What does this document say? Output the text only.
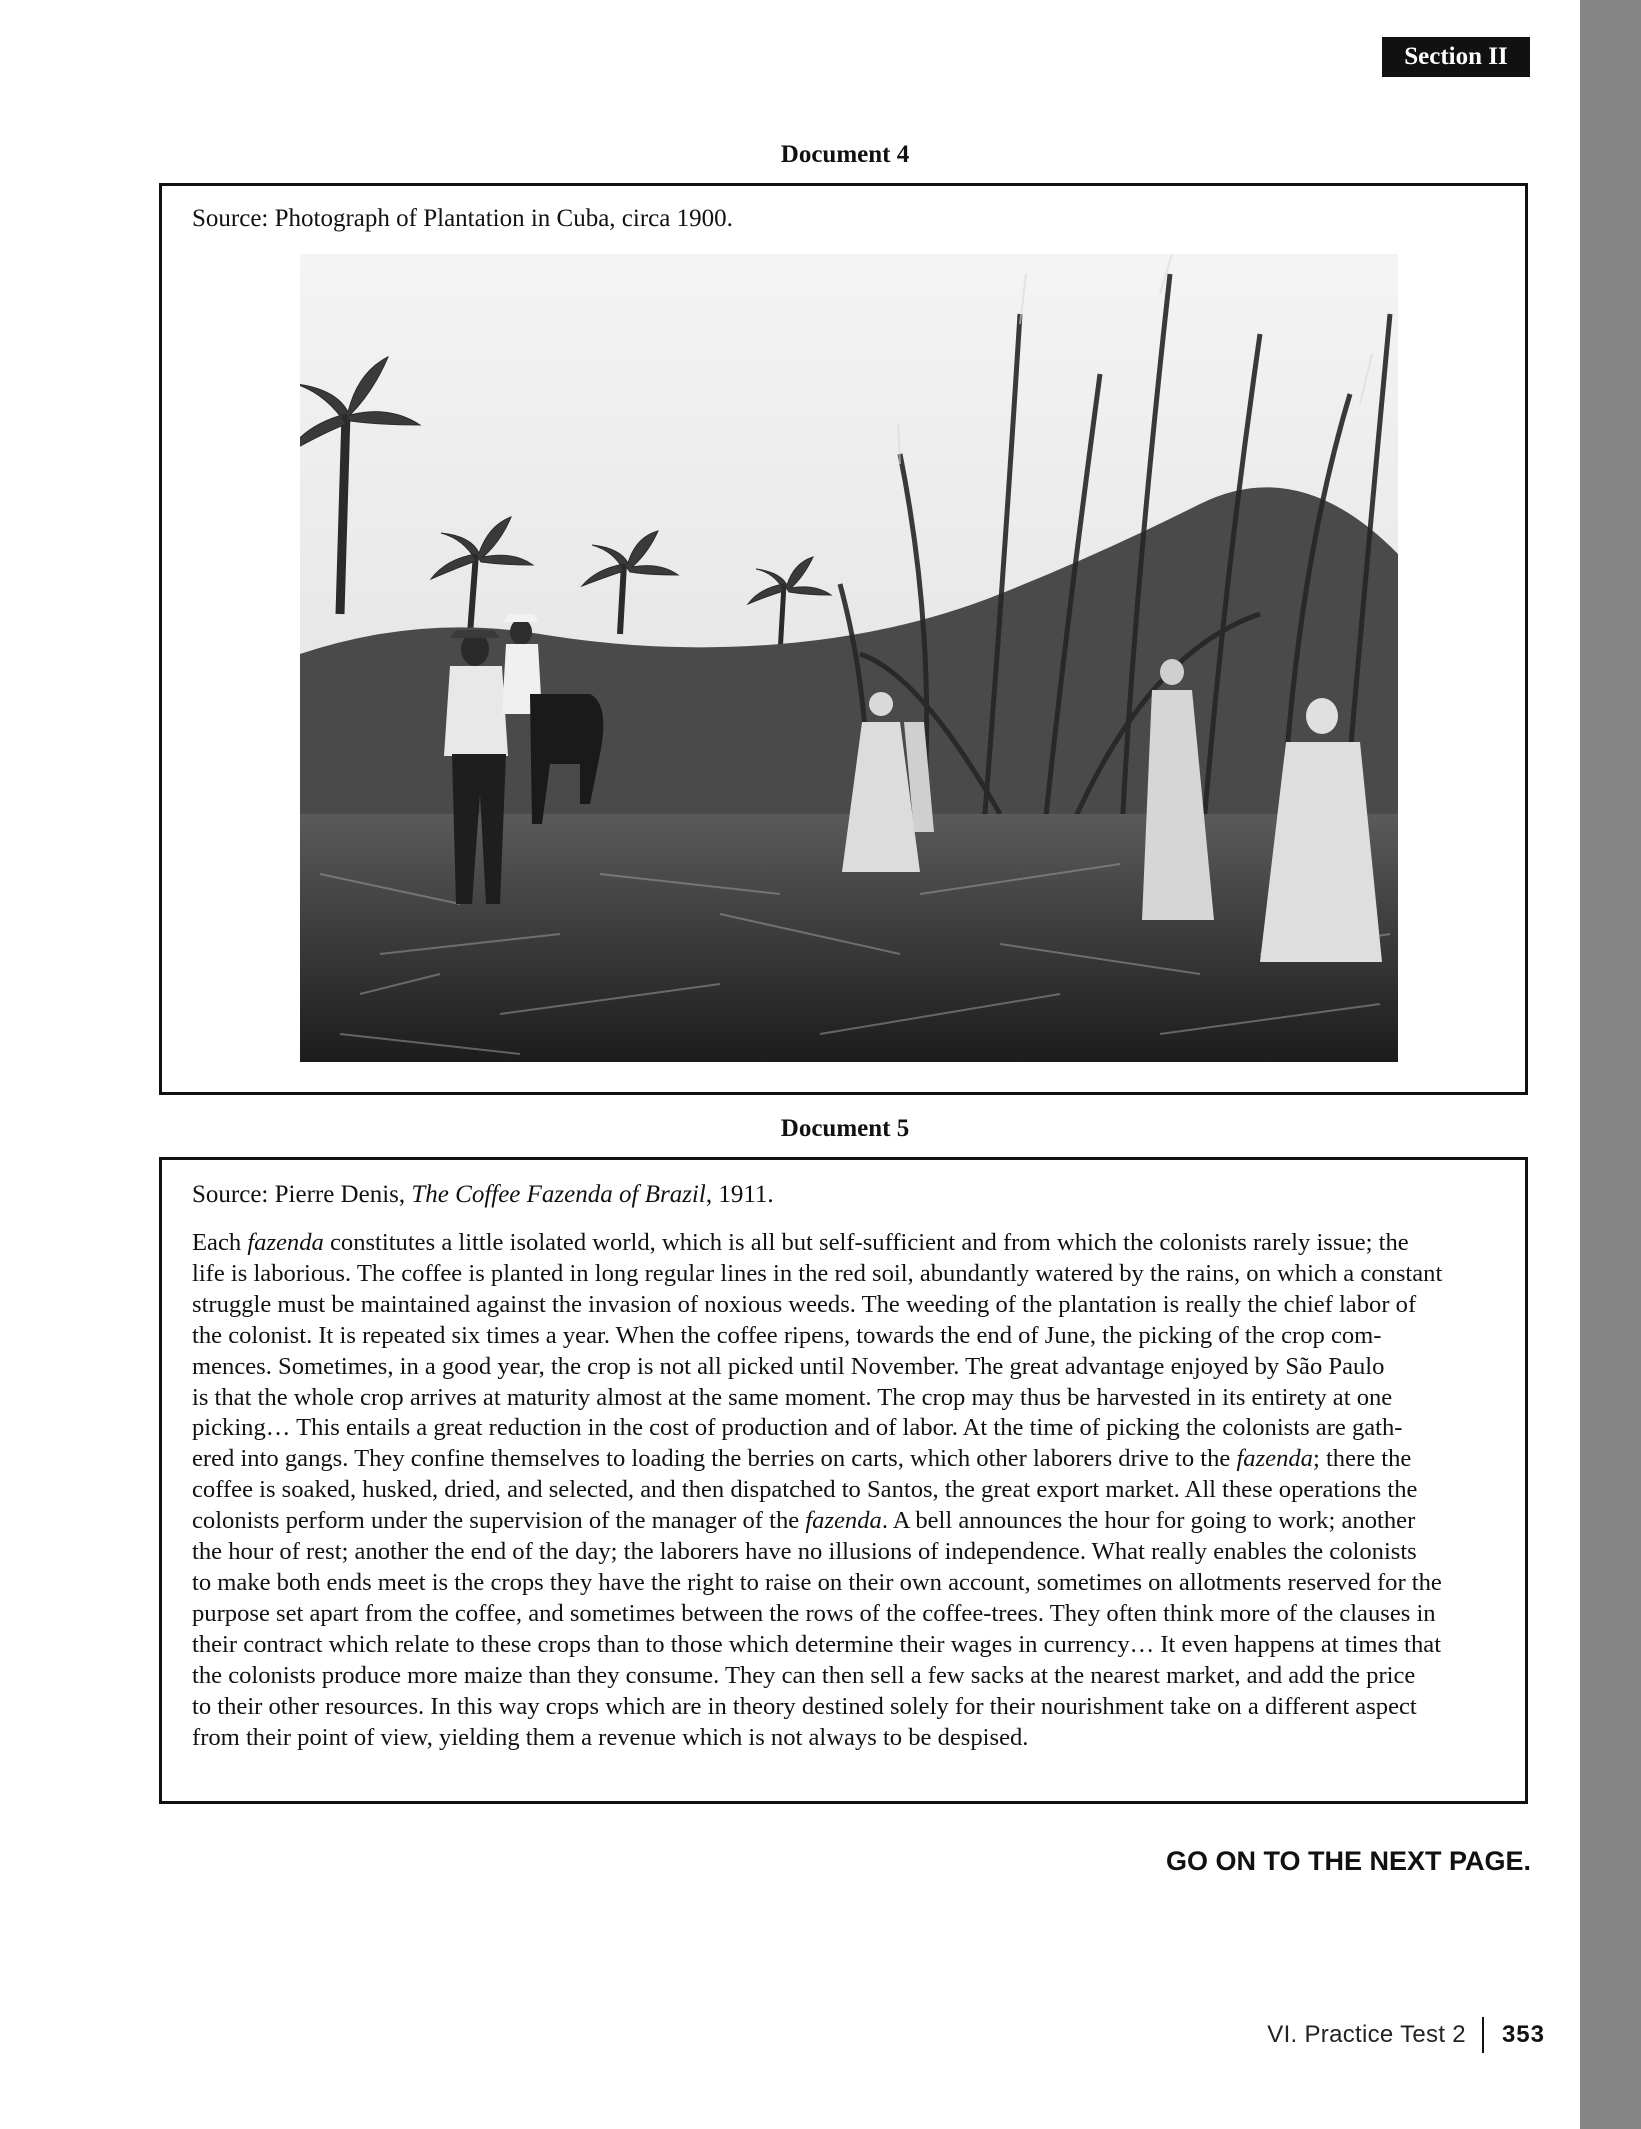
Section II
Document 4
Source: Photograph of Plantation in Cuba, circa 1900.
Document 5
Source: Pierre Denis, The Coffee Fazenda of Brazil, 1911.

Each fazenda constitutes a little isolated world, which is all but self-sufficient and from which the colonists rarely issue; the
life is laborious. The coffee is planted in long regular lines in the red soil, abundantly watered by the rains, on which a constant
struggle must be maintained against the invasion of noxious weeds. The weeding of the plantation is really the chief labor of
the colonist. It is repeated six times a year. When the coffee ripens, towards the end of June, the picking of the crop com-
mences. Sometimes, in a good year, the crop is not all picked until November. The great advantage enjoyed by São Paulo
is that the whole crop arrives at maturity almost at the same moment. The crop may thus be harvested in its entirety at one
picking… This entails a great reduction in the cost of production and of labor. At the time of picking the colonists are gath-
ered into gangs. They confine themselves to loading the berries on carts, which other laborers drive to the fazenda; there the
coffee is soaked, husked, dried, and selected, and then dispatched to Santos, the great export market. All these operations the
colonists perform under the supervision of the manager of the fazenda. A bell announces the hour for going to work; another
the hour of rest; another the end of the day; the laborers have no illusions of independence. What really enables the colonists
to make both ends meet is the crops they have the right to raise on their own account, sometimes on allotments reserved for the
purpose set apart from the coffee, and sometimes between the rows of the coffee-trees. They often think more of the clauses in
their contract which relate to these crops than to those which determine their wages in currency… It even happens at times that
the colonists produce more maize than they consume. They can then sell a few sacks at the nearest market, and add the price
to their other resources. In this way crops which are in theory destined solely for their nourishment take on a different aspect
from their point of view, yielding them a revenue which is not always to be despised.

GO ON TO THE NEXT PAGE.
VI. Practice Test 2 353
